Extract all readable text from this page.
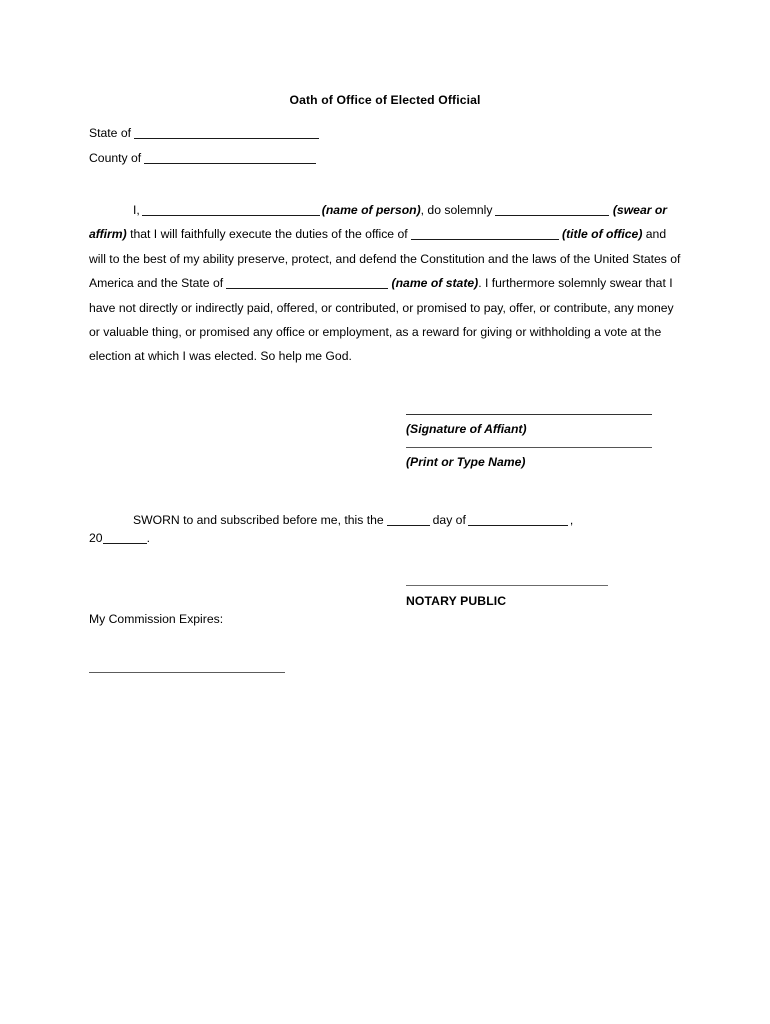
Oath of Office of Elected Official
State of
County of

I,	(name of person), do solemnly	(swear or affirm) that I will faithfully execute the duties of the office of	(title of office) and will to the best of my ability preserve, protect, and defend the Constitution and the laws of the United States of America and the State of	(name of state). I furthermore solemnly swear that I have not directly or indirectly paid, offered, or contributed, or promised to pay, offer, or contribute, any money or valuable thing, or promised any office or employment, as a reward for giving or withholding a vote at the election at which I was elected. So help me God.

(Signature of Affiant)
(Print or Type Name)

SWORN to and subscribed before me, this the	day of	,
20	.

NOTARY PUBLIC
My Commission Expires:
